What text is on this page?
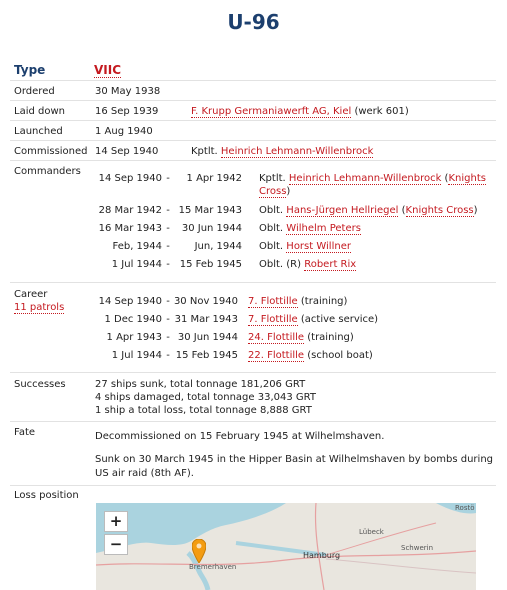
U-96
Type	VIIC
Ordered	30 May 1938
Laid down	16 Sep 1939	F. Krupp Germaniawerft AG, Kiel (werk 601)
Launched	1 Aug 1940
Commissioned 14 Sep 1940	Kptlt. Heinrich Lehmann-Willenbrock
Commanders
14 Sep 1940 -	1 Apr 1942 Kptlt. Heinrich Lehmann-Willenbrock (Knights
Cross)
28 Mar 1942 - 15 Mar 1943 Oblt. Hans-Jürgen Hellriegel (Knights Cross)
16 Mar 1943 -	30 Jun 1944 Oblt. Wilhelm Peters
Feb, 1944 -	Jun, 1944 Oblt. Horst Willner
1 Jul 1944 - 15 Feb 1945 Oblt. (R) Robert Rix
Career
11 patrols
14 Sep 1940 - 30 Nov 1940 7. Flottille (training)
1 Dec 1940 - 31 Mar 1943 7. Flottille (active service)
1 Apr 1943 - 30 Jun 1944 24. Flottille (training)
1 Jul 1944 - 15 Feb 1945 22. Flottille (school boat)
Successes	27 ships sunk, total tonnage 181,206 GRT
4 ships damaged, total tonnage 33,043 GRT
1 ship a total loss, total tonnage 8,888 GRT
Fate	Decommissioned on 15 February 1945 at Wilhelmshaven.
Sunk on 30 March 1945 in the Hipper Basin at Wilhelmshaven by bombs during
US air raid (8th AF).
Loss position
Rostö
Lübeck
Schwerin
Hamburg
Bremerhaven
+
−
